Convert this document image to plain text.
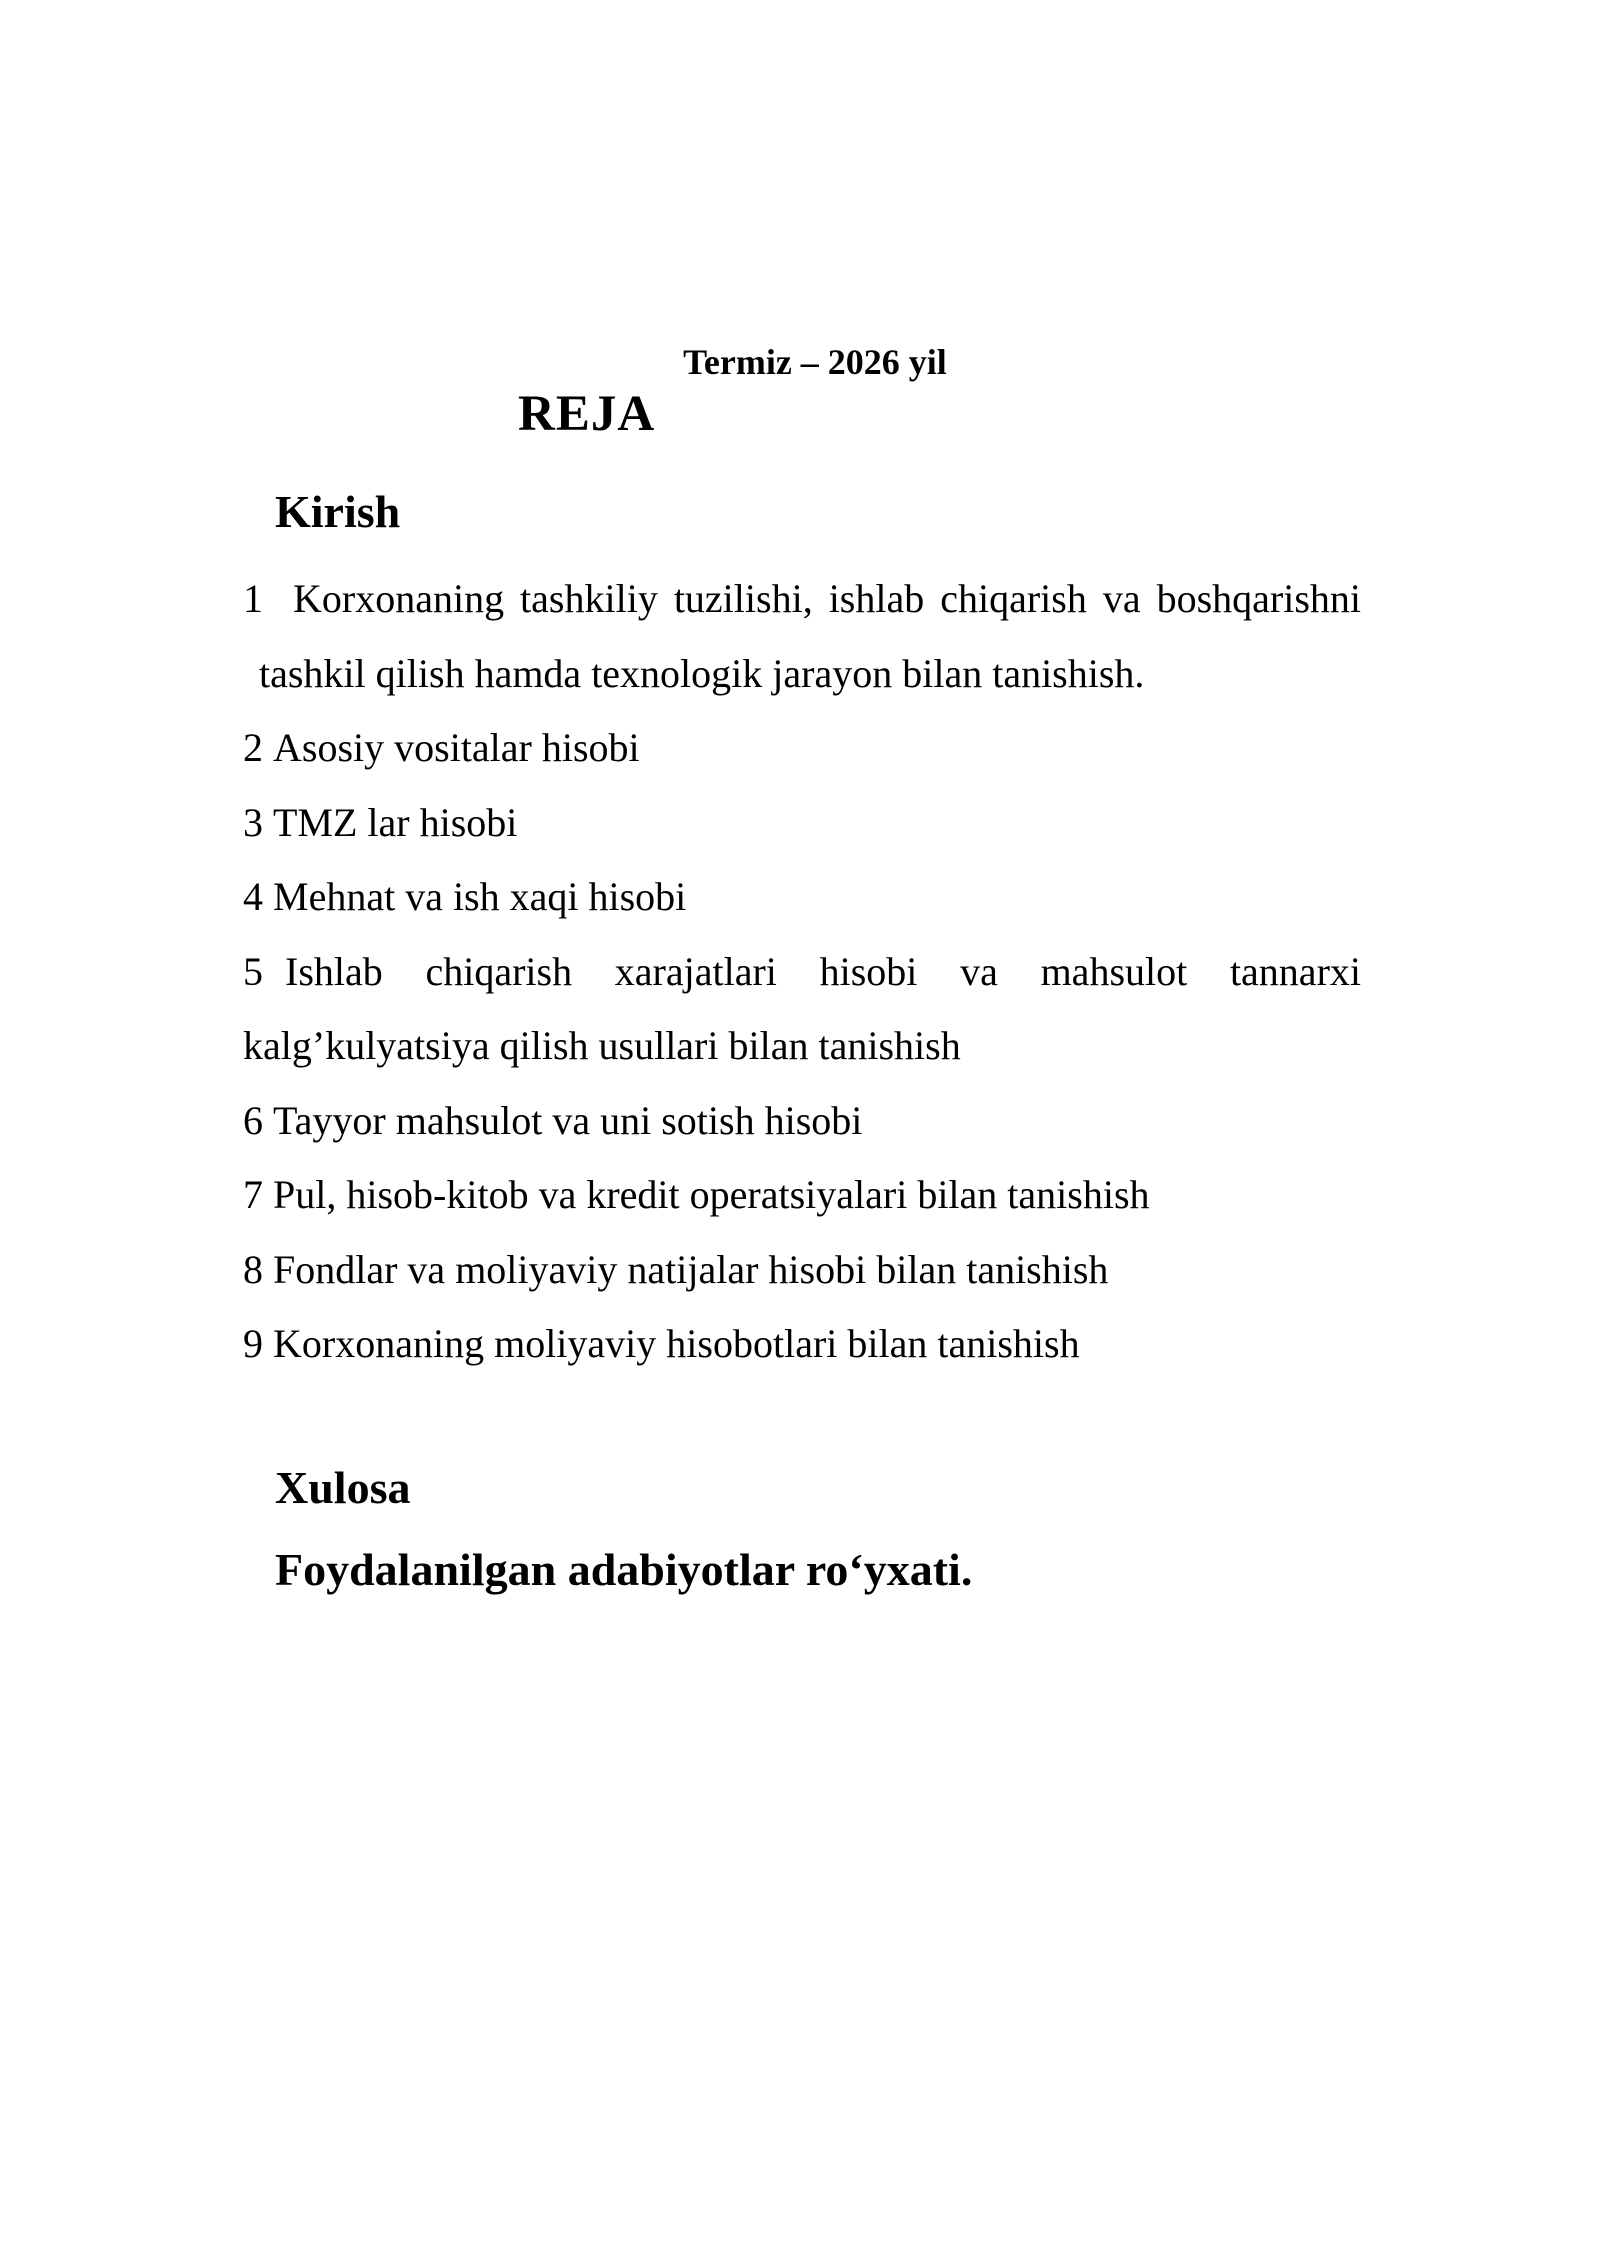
Termiz – 2026 yil
REJA
Kirish
1 Korxonaning tashkiliy tuzilishi, ishlab chiqarish va boshqarishni tashkil qilish hamda texnologik jarayon bilan tanishish.
2 Asosiy vositalar hisobi
3 TMZ lar hisobi
4 Mehnat va ish xaqi hisobi
5 Ishlab chiqarish xarajatlari hisobi va mahsulot tannarxi kalg’kulyatsiya qilish usullari bilan tanishish
6 Tayyor mahsulot va uni sotish hisobi
7 Pul, hisob-kitob va kredit operatsiyalari bilan tanishish
8 Fondlar va moliyaviy natijalar hisobi bilan tanishish
9 Korxonaning moliyaviy hisobotlari bilan tanishish
Xulosa
Foydalanilgan adabiyotlar ro‘yxati.
